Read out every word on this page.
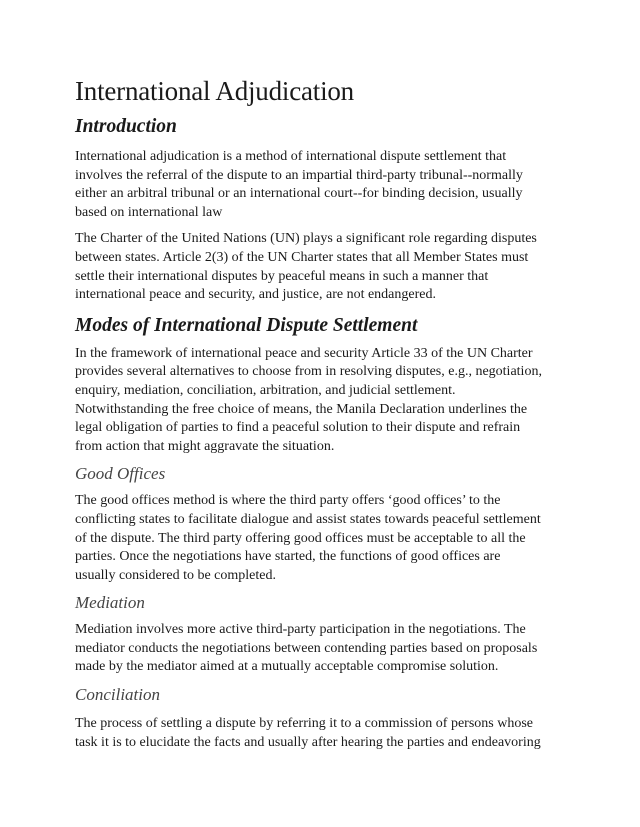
International Adjudication
Introduction
International adjudication is a method of international dispute settlement that
involves the referral of the dispute to an impartial third-party tribunal--normally
either an arbitral tribunal or an international court--for binding decision, usually
based on international law
The Charter of the United Nations (UN) plays a significant role regarding disputes
between states. Article 2(3) of the UN Charter states that all Member States must
settle their international disputes by peaceful means in such a manner that
international peace and security, and justice, are not endangered.
Modes of International Dispute Settlement
In the framework of international peace and security Article 33 of the UN Charter
provides several alternatives to choose from in resolving disputes, e.g., negotiation,
enquiry, mediation, conciliation, arbitration, and judicial settlement.
Notwithstanding the free choice of means, the Manila Declaration underlines the
legal obligation of parties to find a peaceful solution to their dispute and refrain
from action that might aggravate the situation.
Good Offices
The good offices method is where the third party offers ‘good offices’ to the
conflicting states to facilitate dialogue and assist states towards peaceful settlement
of the dispute. The third party offering good offices must be acceptable to all the
parties. Once the negotiations have started, the functions of good offices are
usually considered to be completed.
Mediation
Mediation involves more active third-party participation in the negotiations. The
mediator conducts the negotiations between contending parties based on proposals
made by the mediator aimed at a mutually acceptable compromise solution.
Conciliation
The process of settling a dispute by referring it to a commission of persons whose
task it is to elucidate the facts and usually after hearing the parties and endeavoring
